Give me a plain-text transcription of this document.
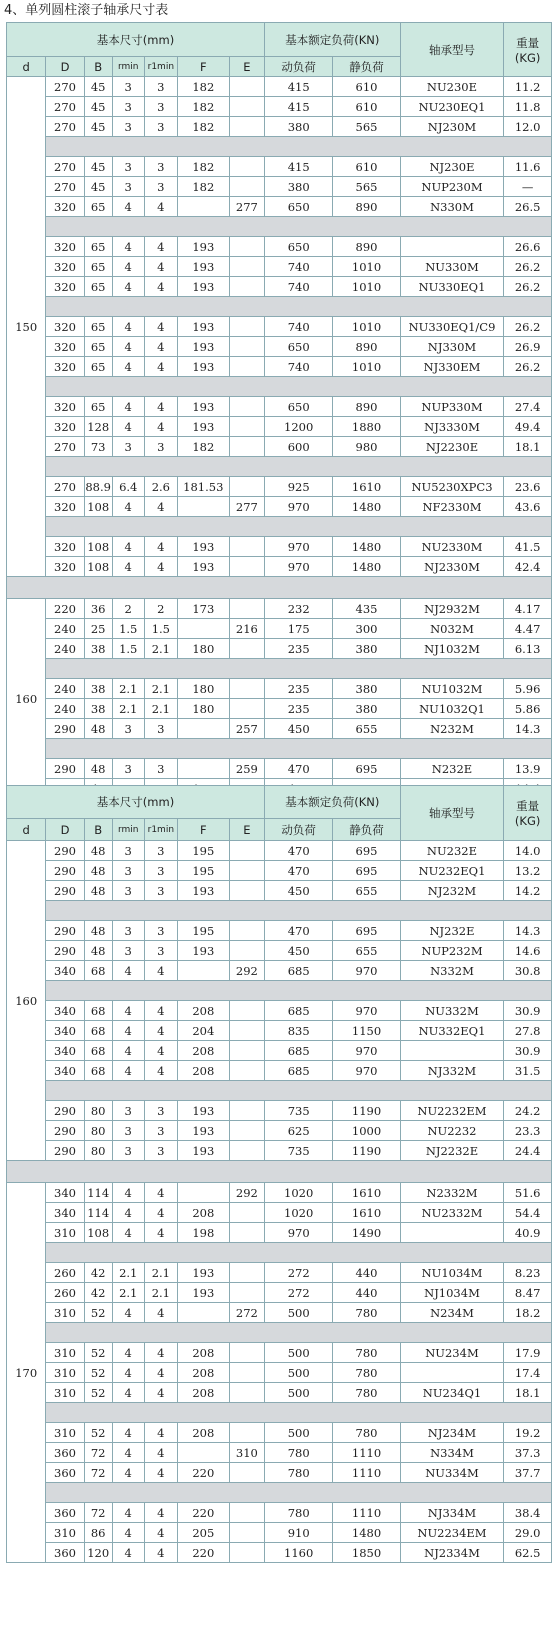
4、单列圆柱滚子轴承尺寸表
基本尺寸(mm)							基本额定负荷(KN)		轴承型号	重量
(KG)
d	D	B	rmin	r1min	F	E	动负荷	静负荷		
150	270	45	3	3	182		415	610	NU230E	11.2
	270	45	3	3	182		415	610	NU230EQ1	11.8
	270	45	3	3	182		380	565	NJ230M	12.0

	270	45	3	3	182		415	610	NJ230E	11.6
	270	45	3	3	182		380	565	NUP230M	—
	320	65	4	4		277	650	890	N330M	26.5

	320	65	4	4	193		650	890		26.6
	320	65	4	4	193		740	1010	NU330M	26.2
	320	65	4	4	193		740	1010	NU330EQ1	26.2

	320	65	4	4	193		740	1010	NU330EQ1/C9	26.2
	320	65	4	4	193		650	890	NJ330M	26.9
	320	65	4	4	193		740	1010	NJ330EM	26.2

	320	65	4	4	193		650	890	NUP330M	27.4
	320	128	4	4	193		1200	1880	NJ3330M	49.4
	270	73	3	3	182		600	980	NJ2230E	18.1

	270	88.9	6.4	2.6	181.53		925	1610	NU5230XPC3	23.6
	320	108	4	4		277	970	1480	NF2330M	43.6

	320	108	4	4	193		970	1480	NU2330M	41.5
	320	108	4	4	193		970	1480	NJ2330M	42.4

160	220	36	2	2	173		232	435	NJ2932M	4.17
	240	25	1.5	1.5		216	175	300	N032M	4.47
	240	38	1.5	2.1	180		235	380	NJ1032M	6.13

	240	38	2.1	2.1	180		235	380	NU1032M	5.96
	240	38	2.1	2.1	180		235	380	NU1032Q1	5.86
	290	48	3	3		257	450	655	N232M	14.3

	290	48	3	3		259	470	695	N232E	13.9

基本尺寸(mm)							基本额定负荷(KN)		轴承型号	重量
(KG)
d	D	B	rmin	r1min	F	E	动负荷	静负荷		
160	290	48	3	3	195		470	695	NU232E	14.0
	290	48	3	3	195		470	695	NU232EQ1	13.2
	290	48	3	3	193		450	655	NJ232M	14.2

	290	48	3	3	195		470	695	NJ232E	14.3
	290	48	3	3	193		450	655	NUP232M	14.6
	340	68	4	4		292	685	970	N332M	30.8

	340	68	4	4	208		685	970	NU332M	30.9
	340	68	4	4	204		835	1150	NU332EQ1	27.8
	340	68	4	4	208		685	970		30.9
	340	68	4	4	208		685	970	NJ332M	31.5

	290	80	3	3	193		735	1190	NU2232EM	24.2
	290	80	3	3	193		625	1000	NU2232	23.3
	290	80	3	3	193		735	1190	NJ2232E	24.4

170	340	114	4	4		292	1020	1610	N2332M	51.6
	340	114	4	4	208		1020	1610	NU2332M	54.4
	310	108	4	4	198		970	1490		40.9

	260	42	2.1	2.1	193		272	440	NU1034M	8.23
	260	42	2.1	2.1	193		272	440	NJ1034M	8.47
	310	52	4	4		272	500	780	N234M	18.2

	310	52	4	4	208		500	780	NU234M	17.9
	310	52	4	4	208		500	780		17.4
	310	52	4	4	208		500	780	NU234Q1	18.1

	310	52	4	4	208		500	780	NJ234M	19.2
	360	72	4	4		310	780	1110	N334M	37.3
	360	72	4	4	220		780	1110	NU334M	37.7

	360	72	4	4	220		780	1110	NJ334M	38.4
	310	86	4	4	205		910	1480	NU2234EM	29.0
	360	120	4	4	220		1160	1850	NJ2334M	62.5
